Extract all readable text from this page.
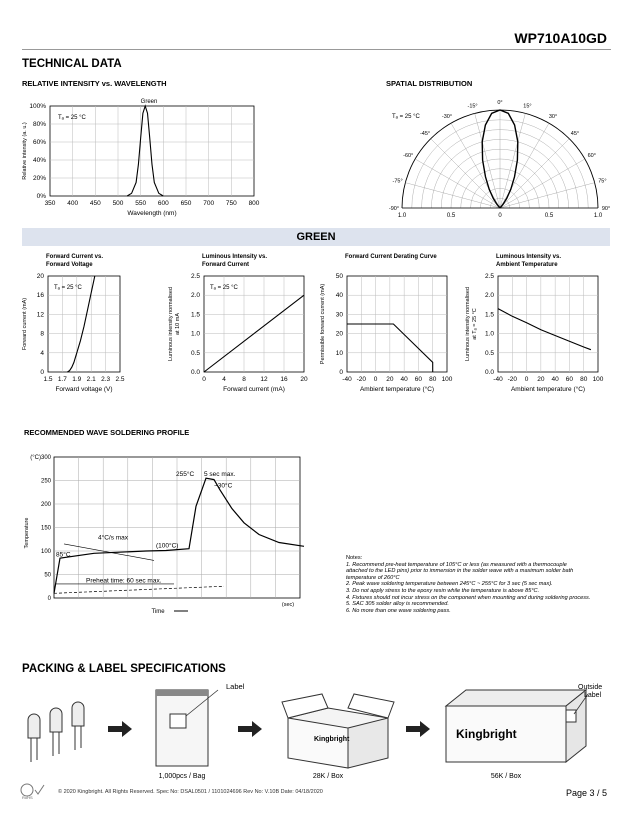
WP710A10GD
TECHNICAL DATA
RELATIVE INTENSITY vs. WAVELENGTH
350 400 450 500 550 600 650 700 750 800
0%
20%
40%
60%
80%
100%
Wavelength (nm)
Relative intensity (a. u.)
Tₐ = 25 °C
Green
SPATIAL DISTRIBUTION
-90°
-75°
-60°
-45°
-30°
-15°
0°
15°
30°
45°
60°
75°
90°
1.0	0.5	0	0.5	1.0
Tₐ = 25 °C
GREEN
1.5 1.7 1.9 2.1 2.3 2.5
0
4
8
12
16
20
Forward voltage (V)
Forward Current vs.
Forward Voltage
Forward current (mA)
Tₐ = 25 °C
0	4	8 12 16 20
0.0
0.5
1.0
1.5
2.0
2.5
Forward current (mA)
Luminous Intensity vs.
Forward Current
Luminous intensity normalised at 10 mA
Tₐ = 25 °C
-40 -20 0 20 40 60 80 100
0
10
20
30
40
50
Ambient temperature (°C)
Forward Current Derating Curve
Permissible forward current (mA)
-40 -20 0 20 40 60 80 100
0.0
0.5
1.0
1.5
2.0
2.5
Ambient temperature (°C)
Luminous Intensity vs.
Ambient Temperature
Luminous intensity normalised at Tₐ = 25 °C
RECOMMENDED WAVE SOLDERING PROFILE
0
50
100
150
200
250
(°C)300
Temperature
Time
(sec)
255°C 5 sec max.
~30°C
4°C/s max
(100°C)
85°C
Preheat time: 60 sec max.
Notes:
1. Recommend pre-heat temperature of 105°C or less (as measured with a thermocouple
attached to the LED pins) prior to immersion in the solder wave with a maximum solder bath
temperature of 260°C
2. Peak wave soldering temperature between 245°C ~ 255°C for 3 sec (5 sec max).
3. Do not apply stress to the epoxy resin while the temperature is above 85°C.
4. Fixtures should not incur stress on the component when mounting and during soldering process.
5. SAC 305 solder alloy is recommended.
6. No more than one wave soldering pass.
PACKING & LABEL SPECIFICATIONS
Label
1,000pcs / Bag
Kingbright
28K / Box
Kingbright
56K / Box
Outside
Label
RoHS
© 2020 Kingbright. All Rights Reserved. Spec No: DSAL0501 / 1101024696 Rev No: V.10B Date: 04/18/2020	Page 3 / 5
